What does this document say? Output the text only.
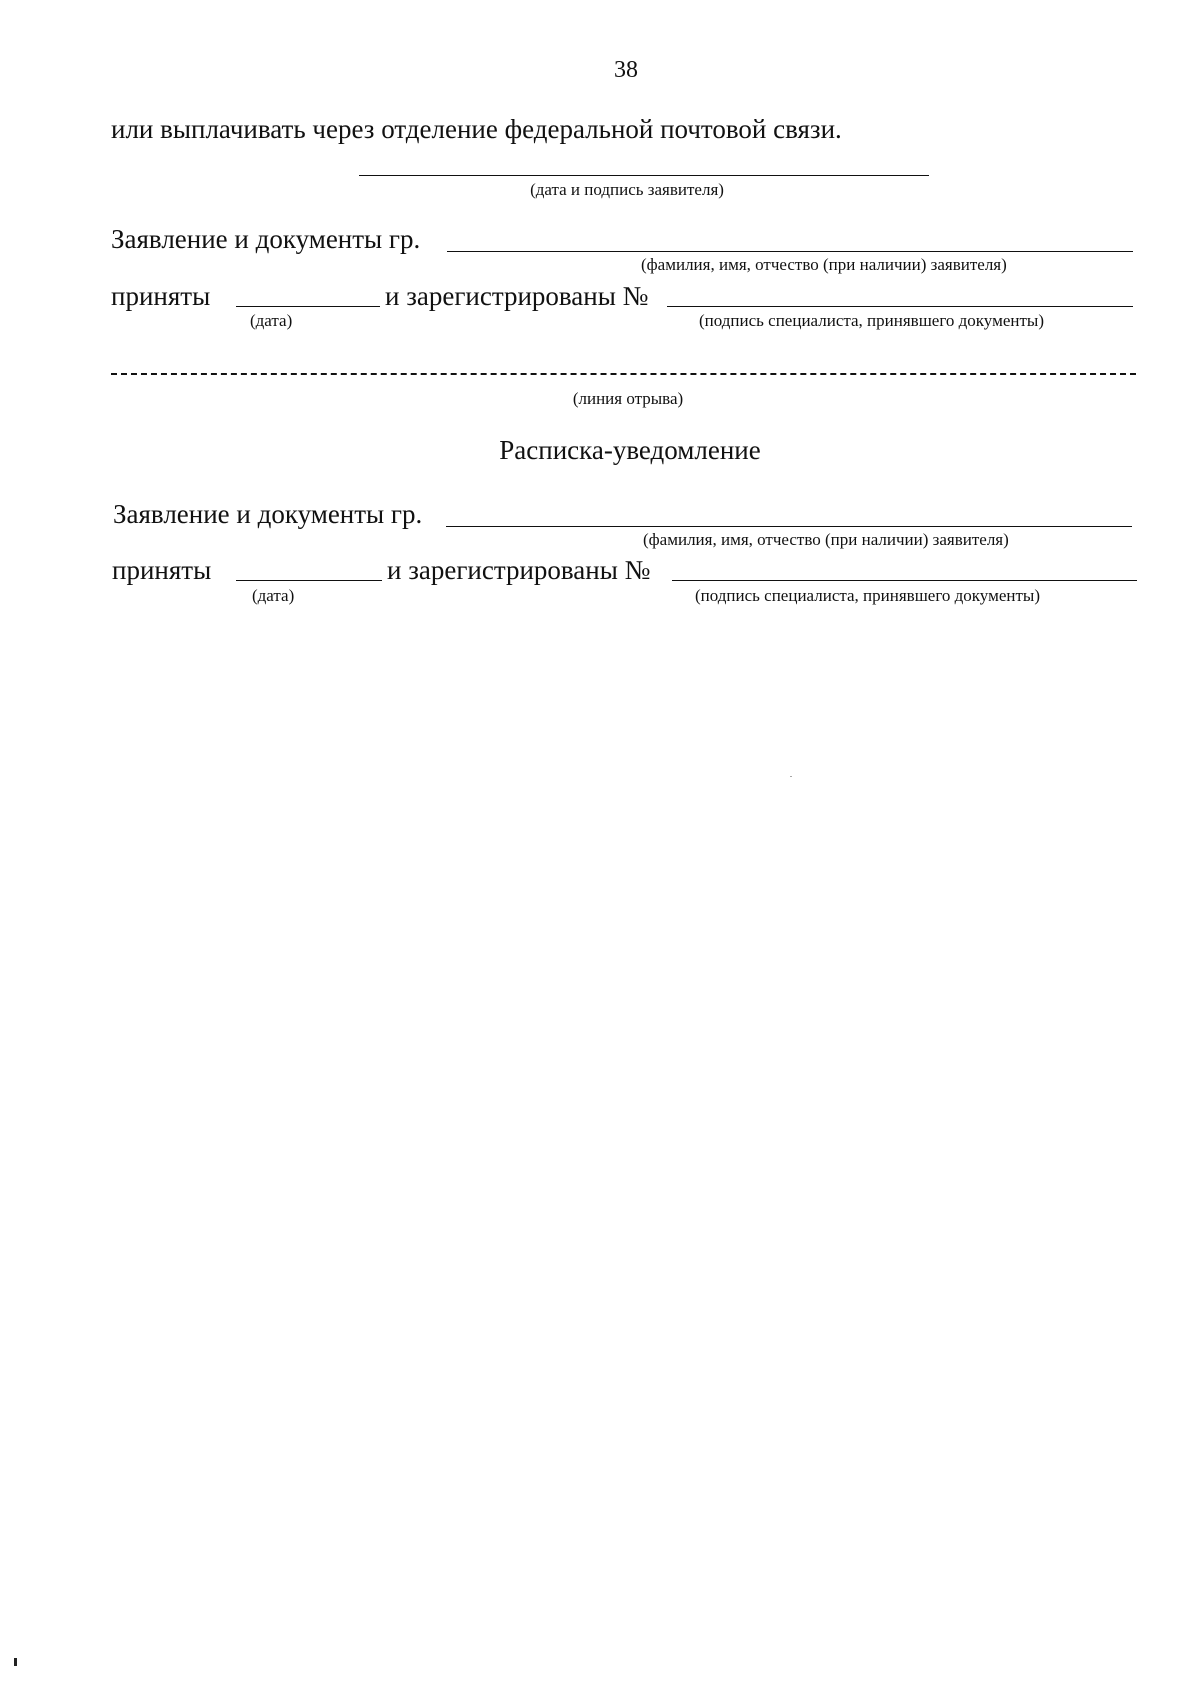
38
или выплачивать через отделение федеральной почтовой связи.
(дата и подпись заявителя)
Заявление и документы гр.
(фамилия, имя, отчество (при наличии) заявителя)
приняты
(дата)
и зарегистрированы №
(подпись специалиста, принявшего документы)
(линия отрыва)
Расписка-уведомление
Заявление и документы гр.
(фамилия, имя, отчество (при наличии) заявителя)
приняты
(дата)
и зарегистрированы №
(подпись специалиста, принявшего документы)
